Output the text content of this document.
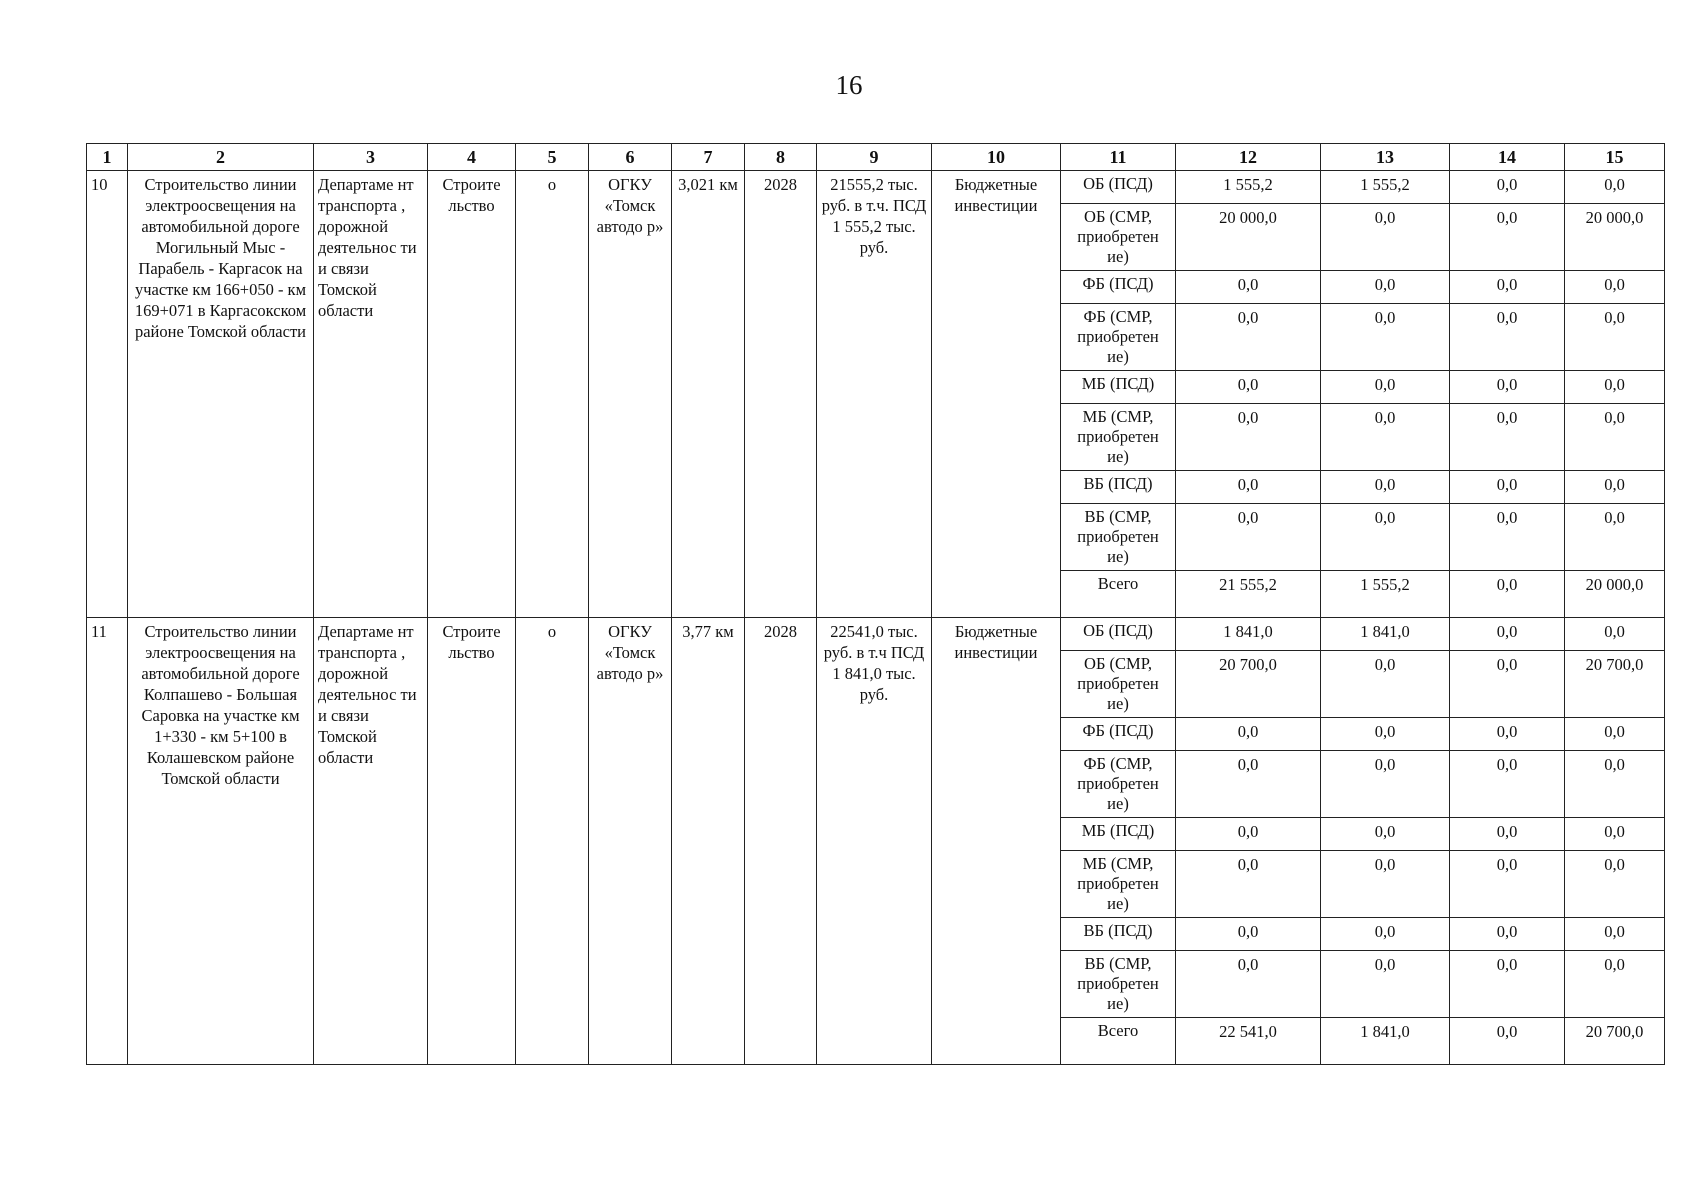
16
1	2	3	4	5	6	7	8	9	10	11	12	13	14	15
10	Строительство линии электроосвещения на автомобильной дороге Могильный Мыс - Парабель - Каргасок на участке км 166+050 - км 169+071 в Каргасокском районе Томской области	Департаме нт транспорта , дорожной деятельнос ти и связи Томской области	Строите льство	о	ОГКУ «Томск автодо р»	3,021 км	2028	21555,2 тыс. руб. в т.ч. ПСД 1 555,2 тыс. руб.	Бюджетные инвестиции	ОБ (ПСД)	1 555,2	1 555,2	0,0	0,0
										ОБ (СМР, приобретен ие)	20 000,0	0,0	0,0	20 000,0
										ФБ (ПСД)	0,0	0,0	0,0	0,0
										ФБ (СМР, приобретен ие)	0,0	0,0	0,0	0,0
										МБ (ПСД)	0,0	0,0	0,0	0,0
										МБ (СМР, приобретен ие)	0,0	0,0	0,0	0,0
										ВБ (ПСД)	0,0	0,0	0,0	0,0
										ВБ (СМР, приобретен ие)	0,0	0,0	0,0	0,0
										Всего	21 555,2	1 555,2	0,0	20 000,0
11	Строительство линии электроосвещения на автомобильной дороге Колпашево - Большая Саровка на участке км 1+330 - км 5+100 в Колашевском районе Томской области	Департаме нт транспорта , дорожной деятельнос ти и связи Томской области	Строите льство	о	ОГКУ «Томск автодо р»	3,77 км	2028	22541,0 тыс. руб. в т.ч ПСД 1 841,0 тыс. руб.	Бюджетные инвестиции	ОБ (ПСД)	1 841,0	1 841,0	0,0	0,0
										ОБ (СМР, приобретен ие)	20 700,0	0,0	0,0	20 700,0
										ФБ (ПСД)	0,0	0,0	0,0	0,0
										ФБ (СМР, приобретен ие)	0,0	0,0	0,0	0,0
										МБ (ПСД)	0,0	0,0	0,0	0,0
										МБ (СМР, приобретен ие)	0,0	0,0	0,0	0,0
										ВБ (ПСД)	0,0	0,0	0,0	0,0
										ВБ (СМР, приобретен ие)	0,0	0,0	0,0	0,0
										Всего	22 541,0	1 841,0	0,0	20 700,0
